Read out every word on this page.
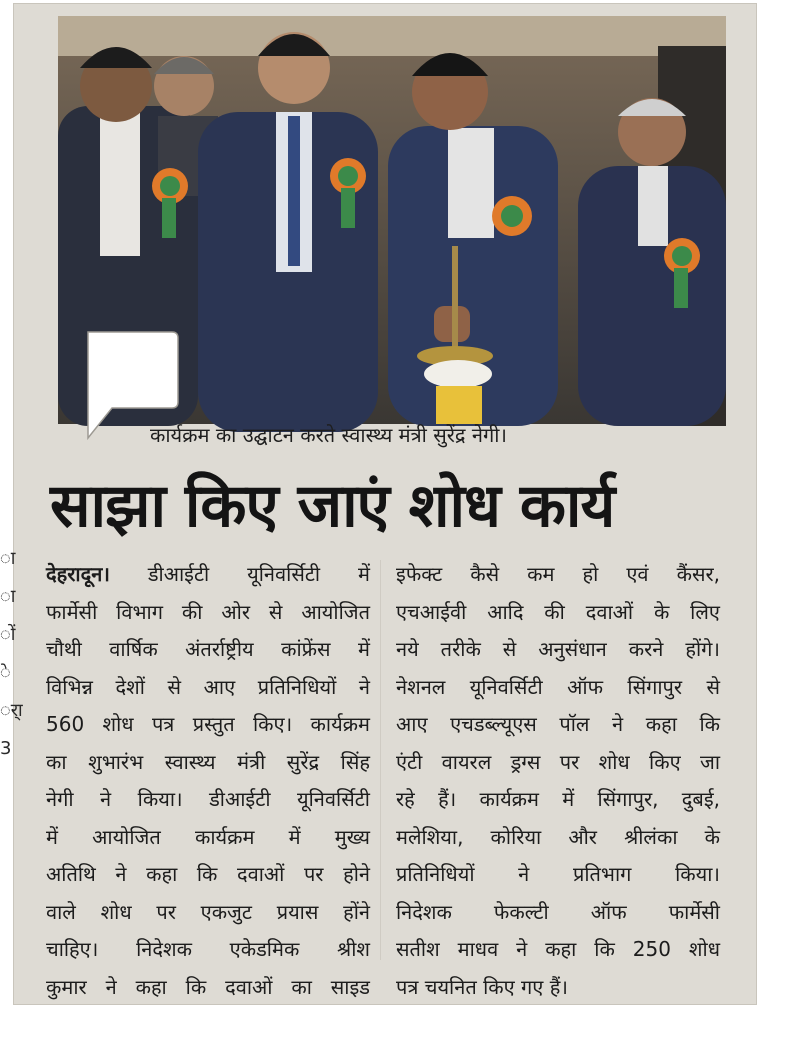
ा
ा
ों
े
र्ा
3
कार्यक्रम का उद्घाटन करते स्वास्थ्य मंत्री सुरेंद्र नेगी।
साझा किए जाएं शोध कार्य
देहरादून। डीआईटी यूनिवर्सिटी में
फार्मेसी विभाग की ओर से आयोजित
चौथी वार्षिक अंतर्राष्ट्रीय कांफ्रेंस में
विभिन्न देशों से आए प्रतिनिधियों ने
560 शोध पत्र प्रस्तुत किए। कार्यक्रम
का शुभारंभ स्वास्थ्य मंत्री सुरेंद्र सिंह
नेगी ने किया। डीआईटी यूनिवर्सिटी
में आयोजित कार्यक्रम में मुख्य
अतिथि ने कहा कि दवाओं पर होने
वाले शोध पर एकजुट प्रयास होंने
चाहिए। निदेशक एकेडमिक श्रीश
कुमार ने कहा कि दवाओं का साइड
इफेक्ट कैसे कम हो एवं कैंसर,
एचआईवी आदि की दवाओं के लिए
नये तरीके से अनुसंधान करने होंगे।
नेशनल यूनिवर्सिटी ऑफ सिंगापुर से
आए एचडब्ल्यूएस पॉल ने कहा कि
एंटी वायरल ड्रग्स पर शोध किए जा
रहे हैं। कार्यक्रम में सिंगापुर, दुबई,
मलेशिया, कोरिया और श्रीलंका के
प्रतिनिधियों ने प्रतिभाग किया।
निदेशक फेकल्टी ऑफ फार्मेसी
सतीश माधव ने कहा कि 250 शोध
पत्र चयनित किए गए हैं।
